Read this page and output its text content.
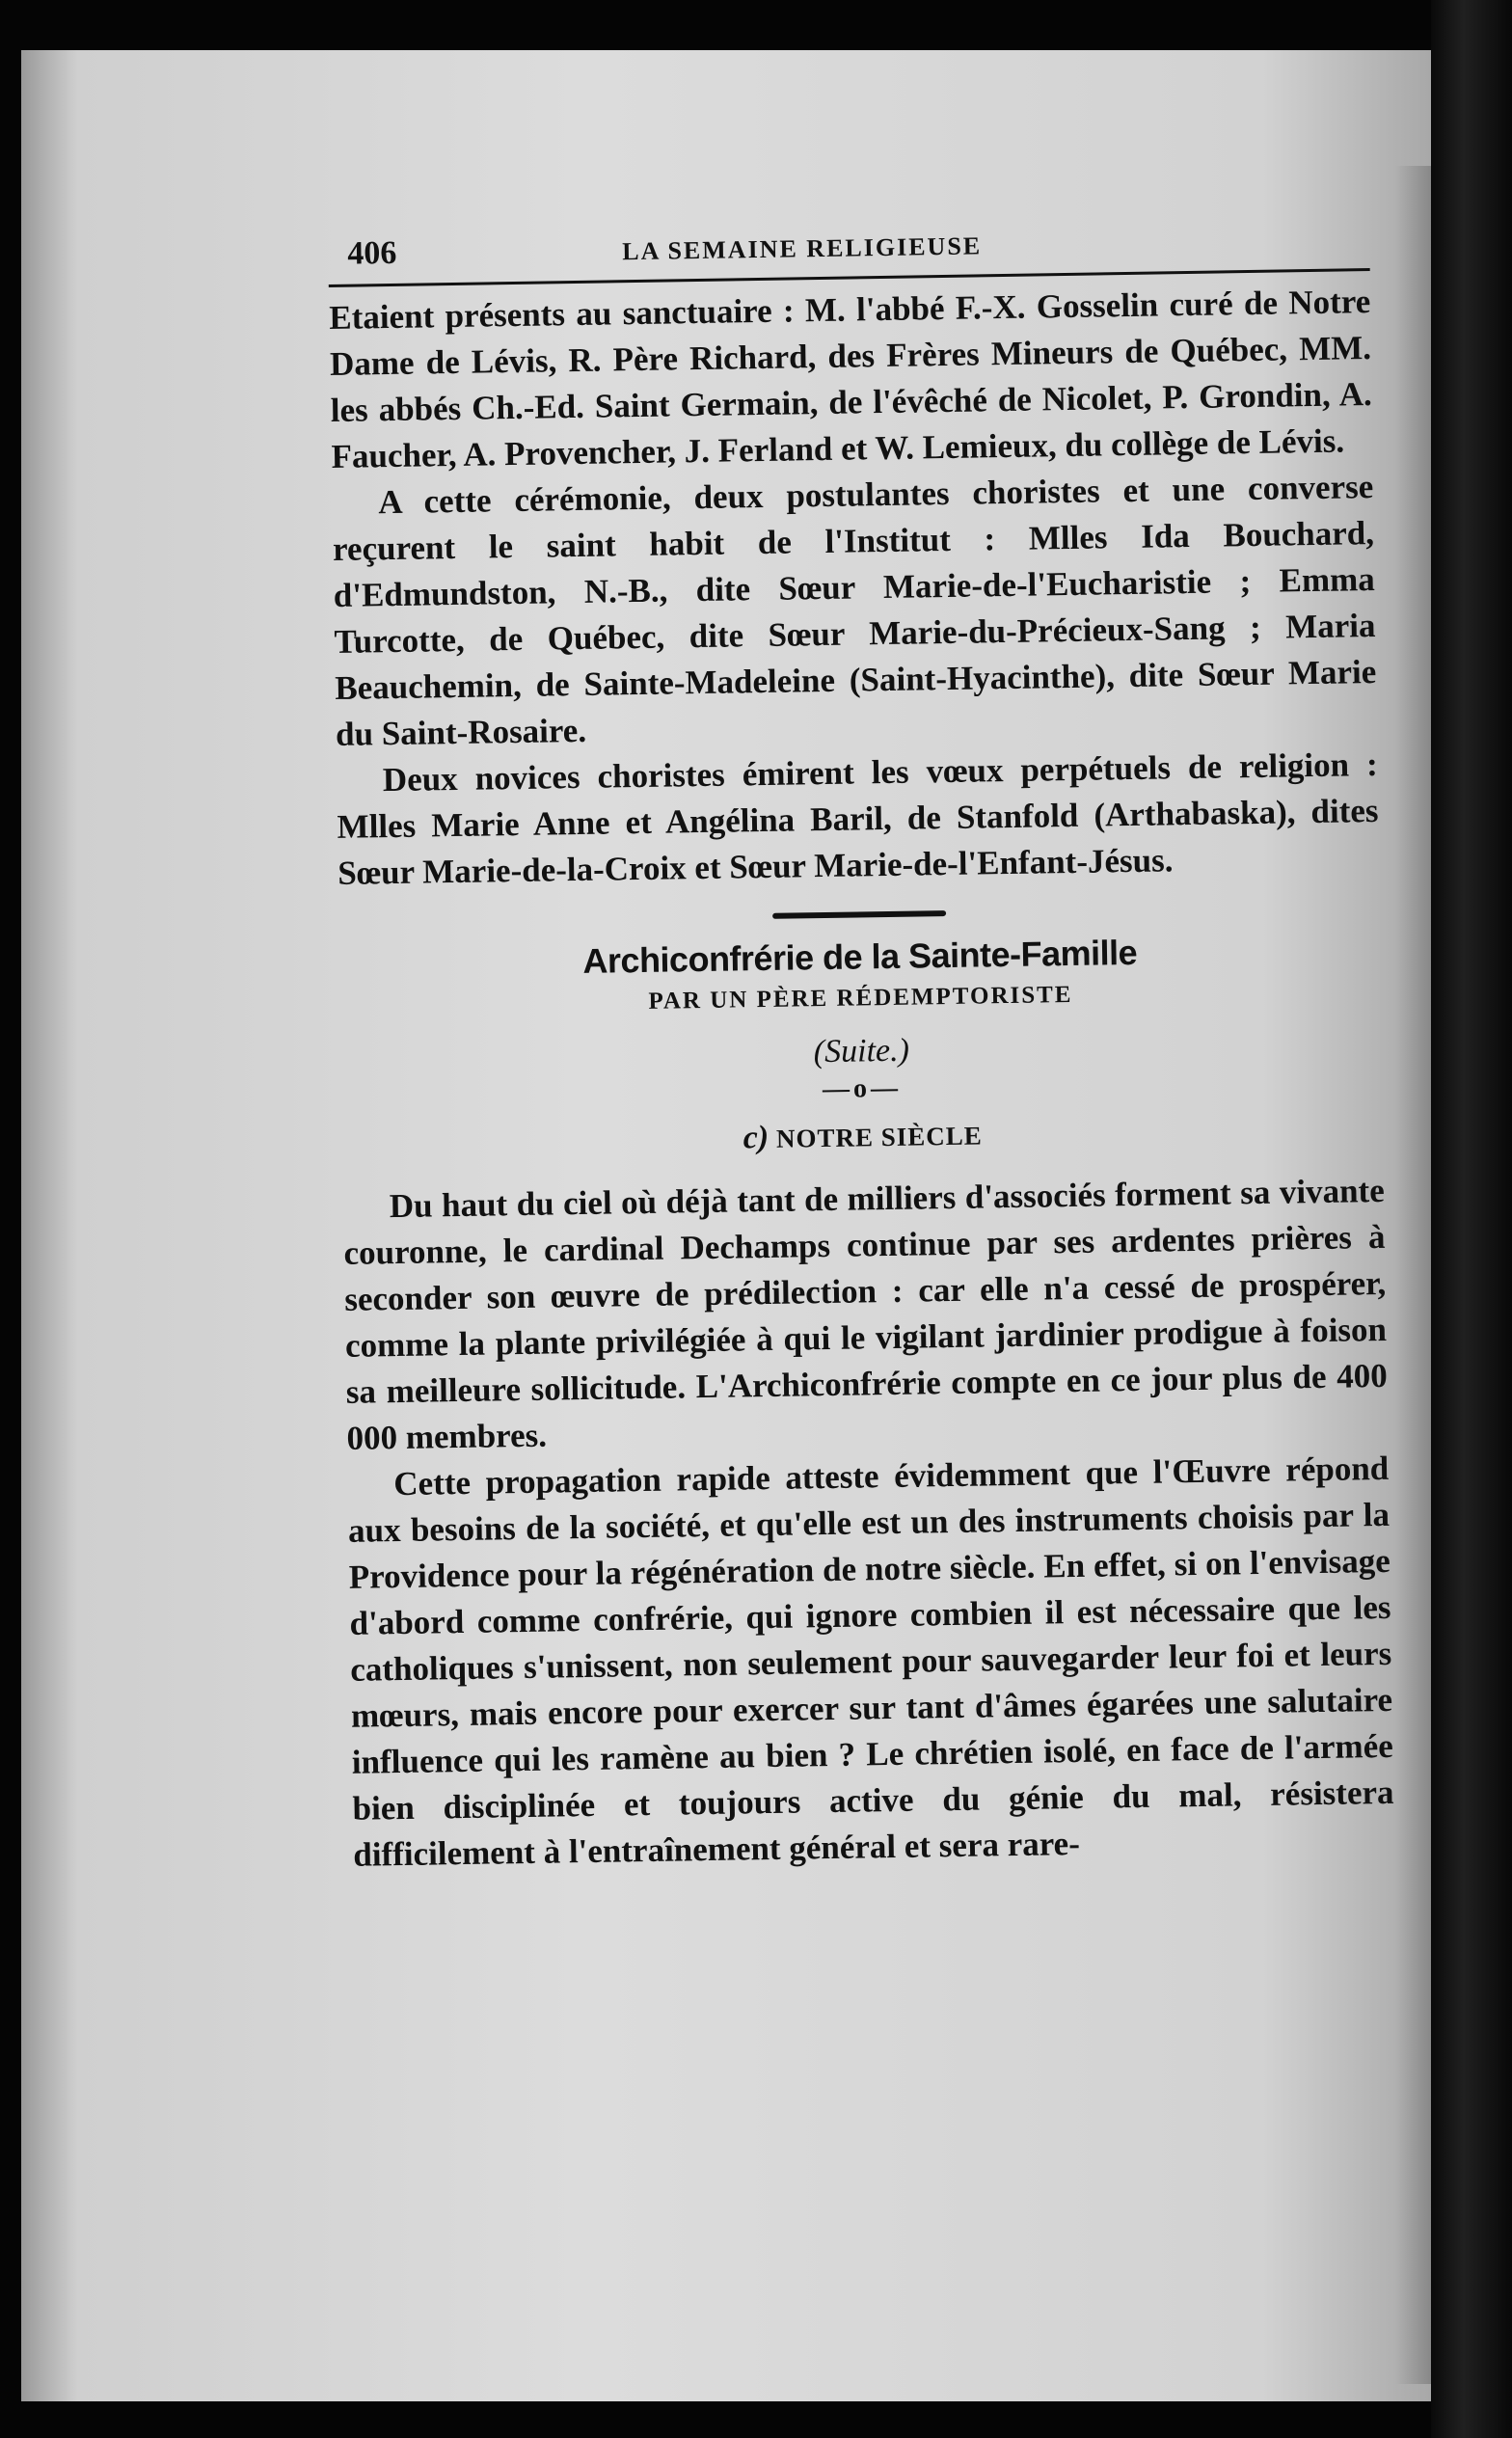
406	LA SEMAINE RELIGIEUSE

Etaient présents au sanctuaire : M. l'abbé F.-X. Gosselin curé de Notre Dame de Lévis, R. Père Richard, des Frères Mineurs de Québec, MM. les abbés Ch.-Ed. Saint Germain, de l'évêché de Nicolet, P. Grondin, A. Faucher, A. Provencher, J. Ferland et W. Lemieux, du collège de Lévis.

A cette cérémonie, deux postulantes choristes et une converse reçurent le saint habit de l'Institut : Mlles Ida Bouchard, d'Edmundston, N.-B., dite Sœur Marie-de-l'Eucharistie ; Emma Turcotte, de Québec, dite Sœur Marie-du-Précieux-Sang ; Maria Beauchemin, de Sainte-Madeleine (Saint-Hyacinthe), dite Sœur Marie du Saint-Rosaire.

Deux novices choristes émirent les vœux perpétuels de religion : Mlles Marie Anne et Angélina Baril, de Stanfold (Arthabaska), dites Sœur Marie-de-la-Croix et Sœur Marie-de-l'Enfant-Jésus.

Archiconfrérie de la Sainte-Famille
PAR UN PÈRE RÉDEMPTORISTE
(Suite.)
—o—
c) NOTRE SIÈCLE

Du haut du ciel où déjà tant de milliers d'associés forment sa vivante couronne, le cardinal Dechamps continue par ses ardentes prières à seconder son œuvre de prédilection : car elle n'a cessé de prospérer, comme la plante privilégiée à qui le vigilant jardinier prodigue à foison sa meilleure sollicitude. L'Archiconfrérie compte en ce jour plus de 400 000 membres.

Cette propagation rapide atteste évidemment que l'Œuvre répond aux besoins de la société, et qu'elle est un des instruments choisis par la Providence pour la régénération de notre siècle. En effet, si on l'envisage d'abord comme confrérie, qui ignore combien il est nécessaire que les catholiques s'unissent, non seulement pour sauvegarder leur foi et leurs mœurs, mais encore pour exercer sur tant d'âmes égarées une salutaire influence qui les ramène au bien ? Le chrétien isolé, en face de l'armée bien disciplinée et toujours active du génie du mal, résistera difficilement à l'entraînement général et sera rare-
